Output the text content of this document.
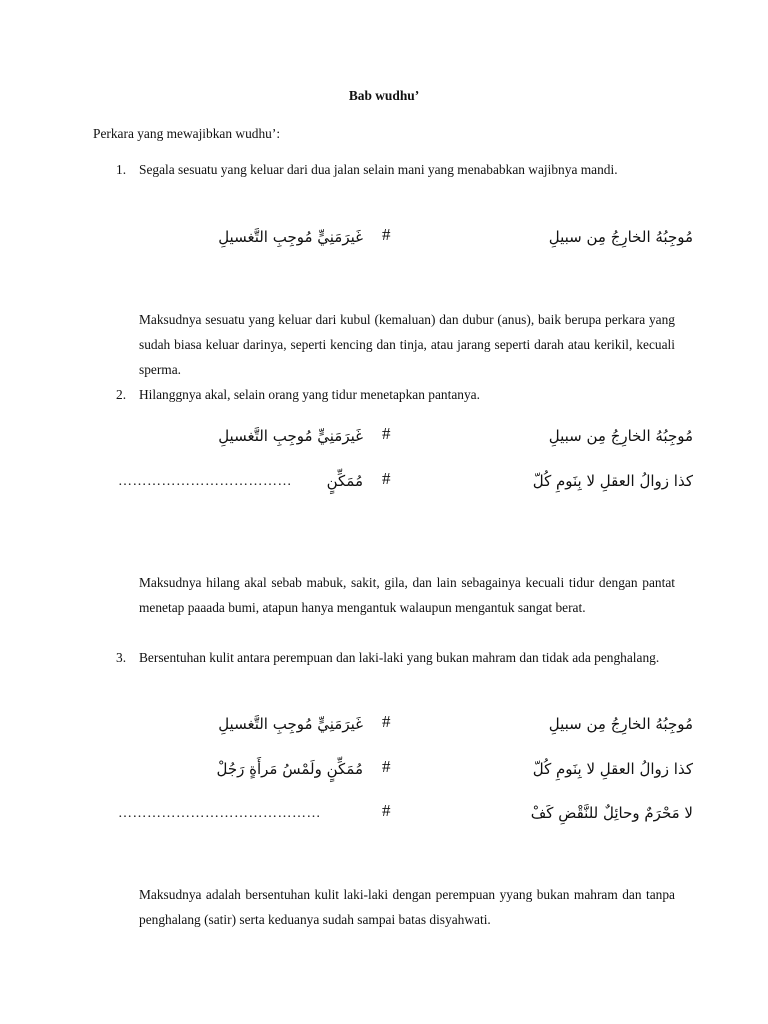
Bab wudhu’
Perkara yang mewajibkan wudhu’:
1. Segala sesuatu yang keluar dari dua jalan selain mani yang menababkan wajibnya mandi.
مُوجِبُهُ الخارِجُ مِن سبيلِ
#
غَيرَمَنِيٍّ مُوجِبِ التَّغسيلِ
Maksudnya sesuatu yang keluar dari kubul (kemaluan) dan dubur (anus), baik berupa perkara yang sudah biasa keluar darinya, seperti kencing dan tinja, atau jarang seperti darah atau kerikil, kecuali sperma.
2. Hilanggnya akal, selain orang yang tidur menetapkan pantanya.
مُوجِبُهُ الخارِجُ مِن سبيلِ
#
غَيرَمَنِيٍّ مُوجِبِ التَّغسيلِ
كذا زوالُ العقلِ لا بِنَومِ كُلّ
#
مُمَكِّنٍ
………………………………
Maksudnya hilang akal sebab mabuk, sakit, gila, dan lain sebagainya kecuali tidur dengan pantat menetap paaada bumi, atapun hanya mengantuk walaupun mengantuk sangat berat.
3. Bersentuhan kulit antara perempuan dan laki-laki yang bukan mahram dan tidak ada penghalang.
مُوجِبُهُ الخارِجُ مِن سبيلِ
#
غَيرَمَنِيٍّ مُوجِبِ التَّغسيلِ
كذا زوالُ العقلِ لا بِنَومِ كُلّ
#
مُمَكِّنٍ ولَمْسُ مَرأَةٍ رَجُلْ
لا مَحْرَمٌ وحائِلٌ للنَّقْضِ كَفْ
#
……………………………………
Maksudnya adalah bersentuhan kulit laki-laki dengan perempuan yyang bukan mahram dan tanpa penghalang (satir) serta keduanya sudah sampai batas disyahwati.
